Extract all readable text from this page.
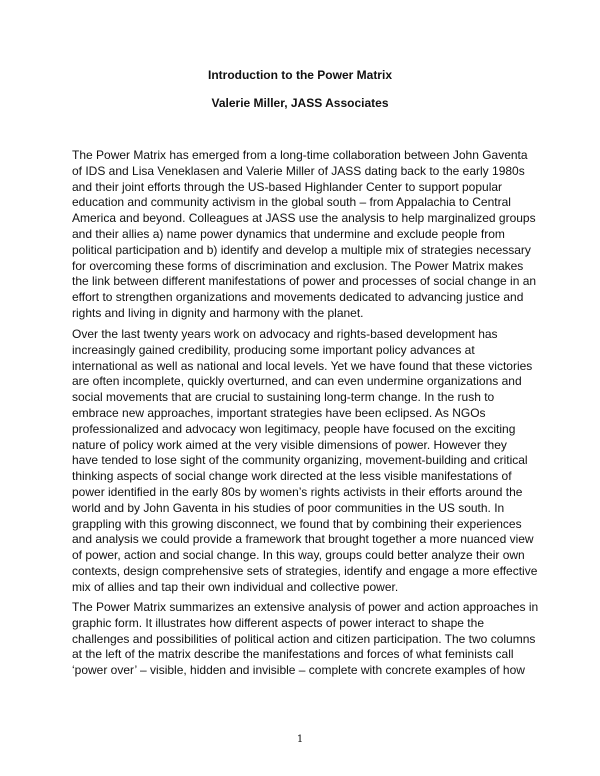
Introduction to the Power Matrix
Valerie Miller, JASS Associates

The Power Matrix has emerged from a long-time collaboration between John Gaventa
of IDS and Lisa Veneklasen and Valerie Miller of JASS dating back to the early 1980s
and their joint efforts through the US-based Highlander Center to support popular
education and community activism in the global south – from Appalachia to Central
America and beyond. Colleagues at JASS use the analysis to help marginalized groups
and their allies a) name power dynamics that undermine and exclude people from
political participation and b) identify and develop a multiple mix of strategies necessary
for overcoming these forms of discrimination and exclusion. The Power Matrix makes
the link between different manifestations of power and processes of social change in an
effort to strengthen organizations and movements dedicated to advancing justice and
rights and living in dignity and harmony with the planet.

Over the last twenty years work on advocacy and rights-based development has
increasingly gained credibility, producing some important policy advances at
international as well as national and local levels. Yet we have found that these victories
are often incomplete, quickly overturned, and can even undermine organizations and
social movements that are crucial to sustaining long-term change. In the rush to
embrace new approaches, important strategies have been eclipsed. As NGOs
professionalized and advocacy won legitimacy, people have focused on the exciting
nature of policy work aimed at the very visible dimensions of power. However they
have tended to lose sight of the community organizing, movement-building and critical
thinking aspects of social change work directed at the less visible manifestations of
power identified in the early 80s by women’s rights activists in their efforts around the
world and by John Gaventa in his studies of poor communities in the US south. In
grappling with this growing disconnect, we found that by combining their experiences
and analysis we could provide a framework that brought together a more nuanced view
of power, action and social change. In this way, groups could better analyze their own
contexts, design comprehensive sets of strategies, identify and engage a more effective
mix of allies and tap their own individual and collective power.

The Power Matrix summarizes an extensive analysis of power and action approaches in
graphic form. It illustrates how different aspects of power interact to shape the
challenges and possibilities of political action and citizen participation. The two columns
at the left of the matrix describe the manifestations and forces of what feminists call
‘power over’ – visible, hidden and invisible – complete with concrete examples of how

1
